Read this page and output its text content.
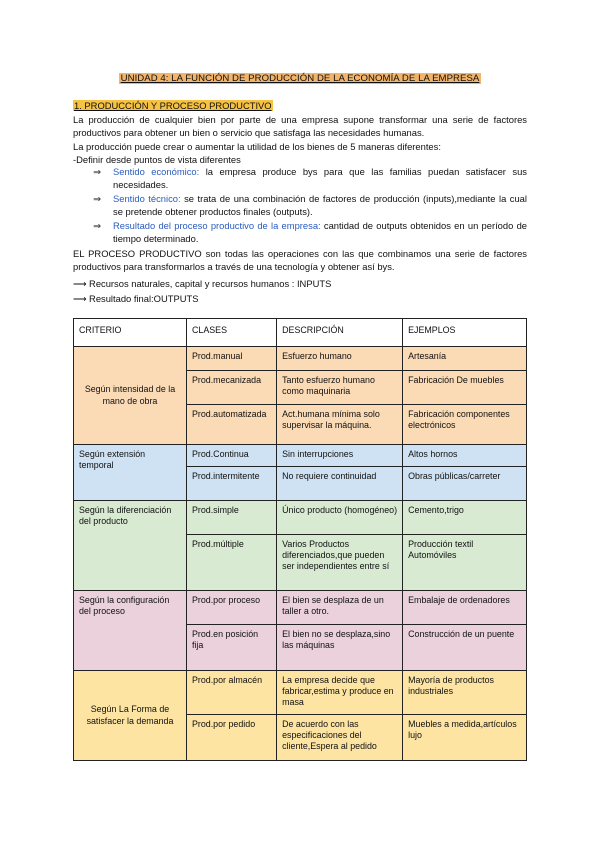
UNIDAD 4: LA FUNCIÓN DE PRODUCCIÓN DE LA ECONOMÍA DE LA EMPRESA
1. PRODUCCIÓN Y PROCESO PRODUCTIVO
La producción de cualquier bien por parte de una empresa supone transformar una serie de factores productivos para obtener un bien o servicio que satisfaga las necesidades humanas.
La producción puede crear o aumentar la utilidad de los bienes de 5 maneras diferentes:
-Definir desde puntos de vista diferentes
⇒	Sentido económico: la empresa produce bys para que las familias puedan satisfacer sus necesidades.
⇒	Sentido técnico: se trata de una combinación de factores de producción (inputs),mediante la cual se pretende obtener productos finales (outputs).
⇒	Resultado del proceso productivo de la empresa: cantidad de outputs obtenidos en un período de tiempo determinado.
EL PROCESO PRODUCTIVO son todas las operaciones con las que combinamos una serie de factores productivos para transformarlos a través de una tecnología y obtener así bys.
⟶ Recursos naturales, capital y recursos humanos : INPUTS
⟶ Resultado final:OUTPUTS
CRITERIO	CLASES	DESCRIPCIÓN	EJEMPLOS
Según intensidad de la mano de obra	Prod.manual	Esfuerzo humano	Artesanía
	Prod.mecanizada	Tanto esfuerzo humano como maquinaria	Fabricación De muebles
	Prod.automatizada	Act.humana mínima solo supervisar la máquina.	Fabricación componentes electrónicos
Según extensión temporal	Prod.Continua	Sin interrupciones	Altos hornos
	Prod.intermitente	No requiere continuidad	Obras públicas/carreter
Según la diferenciación del producto	Prod.simple	Único producto (homogéneo)	Cemento,trigo
	Prod.múltiple	Varios Productos diferenciados,que pueden ser independientes entre sí	Producción textil Automóviles
Según la configuración del proceso	Prod.por proceso	El bien se desplaza de un taller a otro.	Embalaje de ordenadores
	Prod.en posición fija	El bien no se desplaza,sino las máquinas	Construcción de un puente
Según La Forma de satisfacer la demanda	Prod.por almacén	La empresa decide que fabricar,estima y produce en masa	Mayoría de productos industriales
	Prod.por pedido	De acuerdo con las especificaciones del cliente,Espera al pedido	Muebles a medida,artículos lujo
